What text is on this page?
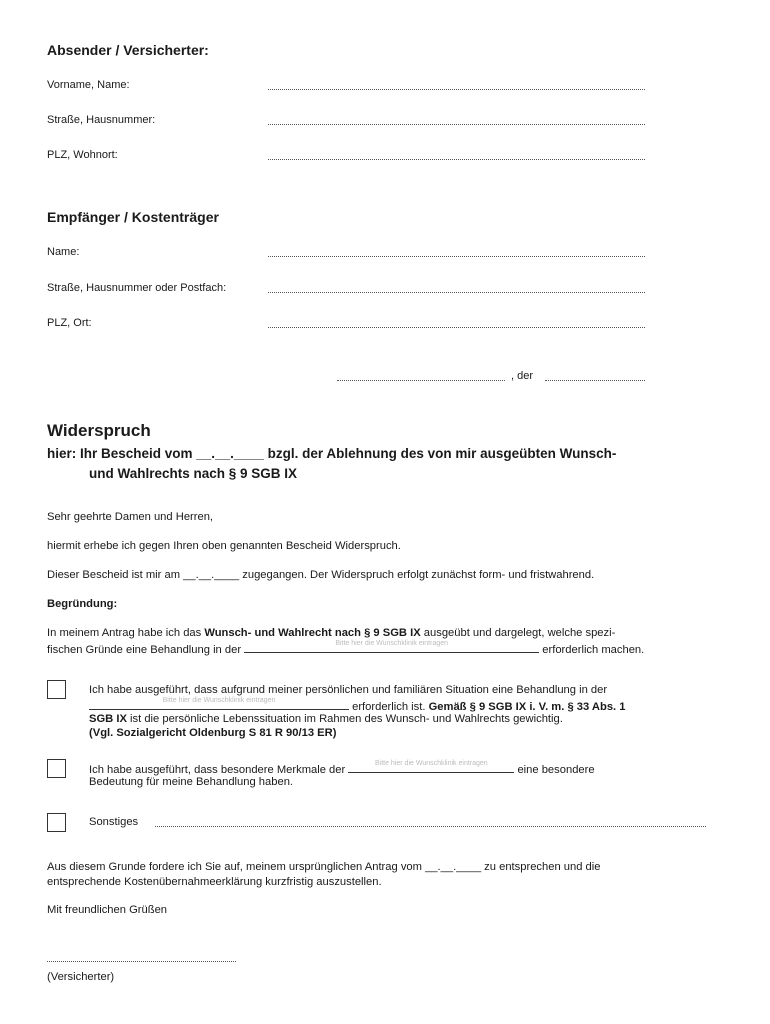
Absender / Versicherter:
Vorname, Name:
Straße, Hausnummer:
PLZ, Wohnort:
Empfänger / Kostenträger
Name:
Straße, Hausnummer oder Postfach:
PLZ, Ort:
, der
Widerspruch
hier: Ihr Bescheid vom __.__.____ bzgl. der Ablehnung des von mir ausgeübten Wunsch-
und Wahlrechts nach § 9 SGB IX
Sehr geehrte Damen und Herren,
hiermit erhebe ich gegen Ihren oben genannten Bescheid Widerspruch.
Dieser Bescheid ist mir am __.__.____ zugegangen. Der Widerspruch erfolgt zunächst form- und fristwahrend.
Begründung:
In meinem Antrag habe ich das Wunsch- und Wahlrecht nach § 9 SGB IX ausgeübt und dargelegt, welche spezi-
fischen Gründe eine Behandlung in der
Bitte hier die Wunschklinik eintragen
erforderlich machen.
Ich habe ausgeführt, dass aufgrund meiner persönlichen und familiären Situation eine Behandlung in der
Bitte hier die Wunschklinik eintragen
erforderlich ist. Gemäß § 9 SGB IX i. V. m. § 33 Abs. 1
SGB IX ist die persönliche Lebenssituation im Rahmen des Wunsch- und Wahlrechts gewichtig.
(Vgl. Sozialgericht Oldenburg S 81 R 90/13 ER)
Ich habe ausgeführt, dass besondere Merkmale der
Bitte hier die Wunschklinik eintragen
eine besondere
Bedeutung für meine Behandlung haben.
Sonstiges
Aus diesem Grunde fordere ich Sie auf, meinem ursprünglichen Antrag vom __.__.____ zu entsprechen und die
entsprechende Kostenübernahmeerklärung kurzfristig auszustellen.
Mit freundlichen Grüßen
(Versicherter)
